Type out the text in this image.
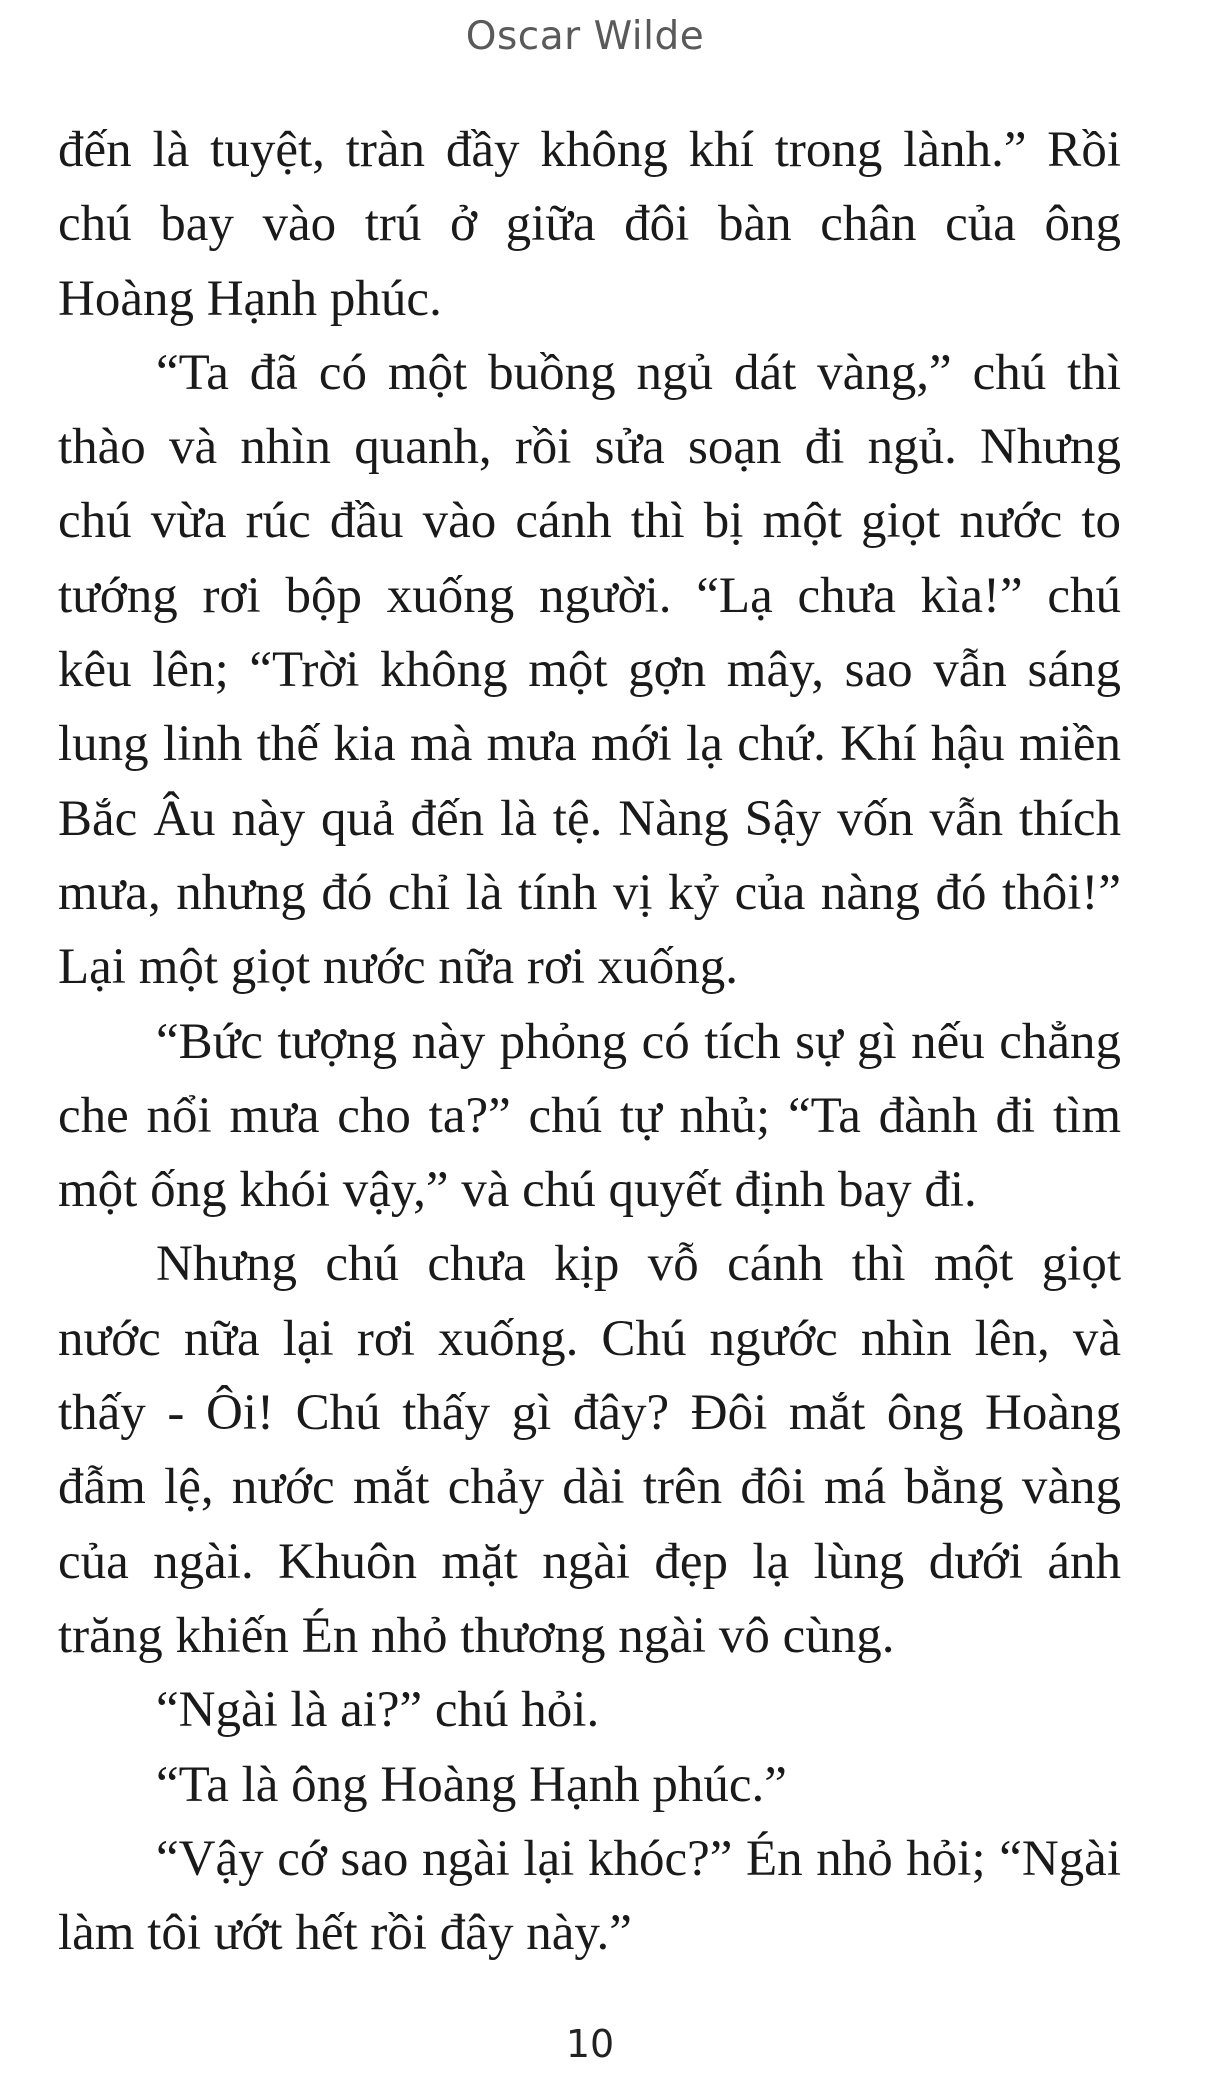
Oscar Wilde
đến là tuyệt, tràn đầy không khí trong lành.” Rồi
chú bay vào trú ở giữa đôi bàn chân của ông
Hoàng Hạnh phúc.
“Ta đã có một buồng ngủ dát vàng,” chú thì
thào và nhìn quanh, rồi sửa soạn đi ngủ. Nhưng
chú vừa rúc đầu vào cánh thì bị một giọt nước to
tướng rơi bộp xuống người. “Lạ chưa kìa!” chú
kêu lên; “Trời không một gợn mây, sao vẫn sáng
lung linh thế kia mà mưa mới lạ chứ. Khí hậu miền
Bắc Âu này quả đến là tệ. Nàng Sậy vốn vẫn thích
mưa, nhưng đó chỉ là tính vị kỷ của nàng đó thôi!”
Lại một giọt nước nữa rơi xuống.
“Bức tượng này phỏng có tích sự gì nếu chẳng
che nổi mưa cho ta?” chú tự nhủ; “Ta đành đi tìm
một ống khói vậy,” và chú quyết định bay đi.
Nhưng chú chưa kịp vỗ cánh thì một giọt
nước nữa lại rơi xuống. Chú ngước nhìn lên, và
thấy - Ôi! Chú thấy gì đây? Đôi mắt ông Hoàng
đẫm lệ, nước mắt chảy dài trên đôi má bằng vàng
của ngài. Khuôn mặt ngài đẹp lạ lùng dưới ánh
trăng khiến Én nhỏ thương ngài vô cùng.
“Ngài là ai?” chú hỏi.
“Ta là ông Hoàng Hạnh phúc.”
“Vậy cớ sao ngài lại khóc?” Én nhỏ hỏi; “Ngài
làm tôi ướt hết rồi đây này.”
10
